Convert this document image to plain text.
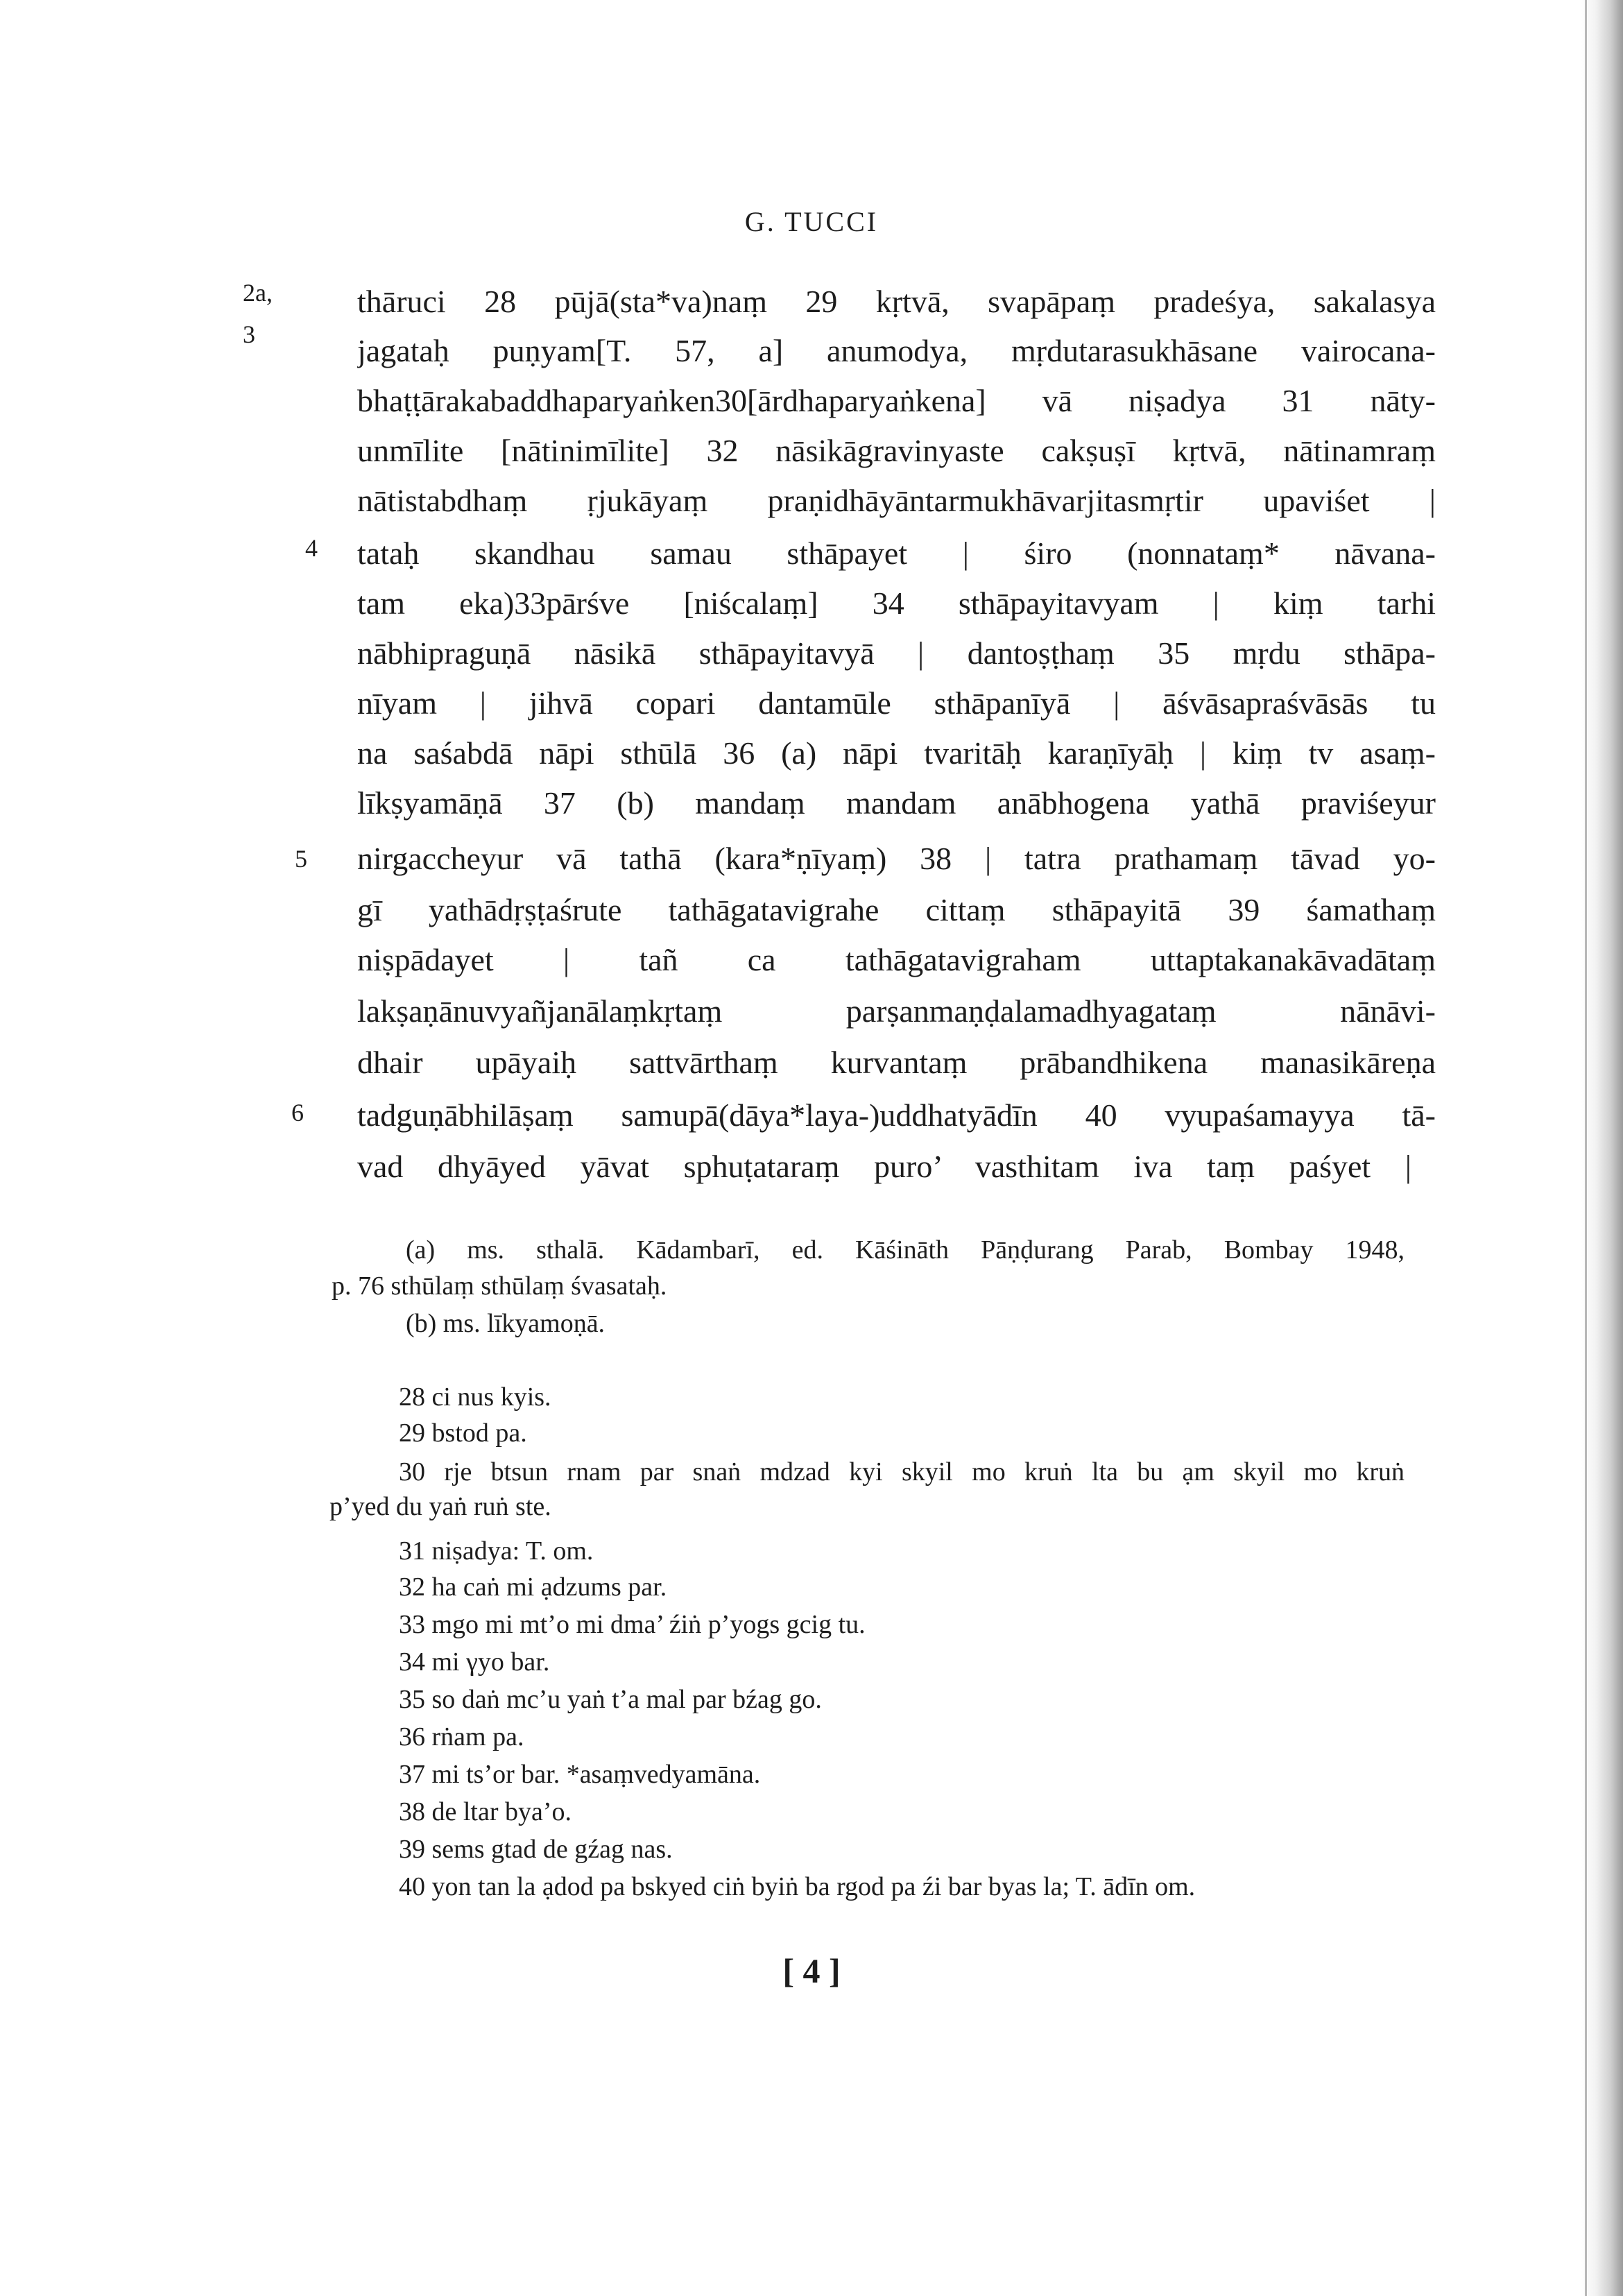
G. TUCCI
2a, 3
4
5
6
thāruci 28 pūjā(sta*va)naṃ 29 kṛtvā, svapāpaṃ pradeśya, sakalasya
jagataḥ puṇyam[T. 57, a] anumodya, mṛdutarasukhāsane vairocana-
bhaṭṭārakabaddhaparyaṅken30[ārdhaparyaṅkena] vā niṣadya 31 nāty-
unmīlite [nātinimīlite] 32 nāsikāgravinyaste cakṣuṣī kṛtvā, nātinamraṃ
nātistabdhaṃ ṛjukāyaṃ praṇidhāyāntarmukhāvarjitasmṛtir upaviśet |
tataḥ skandhau samau sthāpayet | śiro (nonnataṃ* nāvana-
tam eka)33pārśve [niścalaṃ] 34 sthāpayitavyam | kiṃ tarhi
nābhipraguṇā nāsikā sthāpayitavyā | dantoṣṭhaṃ 35 mṛdu sthāpa-
nīyam | jihvā copari dantamūle sthāpanīyā | āśvāsapraśvāsās tu
na saśabdā nāpi sthūlā 36 (a) nāpi tvaritāḥ karaṇīyāḥ | kiṃ tv asaṃ-
līkṣyamāṇā 37 (b) mandaṃ mandam anābhogena yathā praviśeyur
nirgaccheyur vā tathā (kara*ṇīyaṃ) 38 | tatra prathamaṃ tāvad yo-
gī yathādṛṣṭaśrute tathāgatavigrahe cittaṃ sthāpayitā 39 śamathaṃ
niṣpādayet | tañ ca tathāgatavigraham uttaptakanakāvadātaṃ
lakṣaṇānuvyañjanālaṃkṛtaṃ parṣanmaṇḍalamadhyagataṃ nānāvi-
dhair upāyaiḥ sattvārthaṃ kurvantaṃ prābandhikena manasikāreṇa
tadguṇābhilāṣaṃ samupā(dāya*laya-)uddhatyādīn 40 vyupaśamayya tā-
vad dhyāyed yāvat sphuṭataraṃ puro’ vasthitam iva taṃ paśyet |
(a) ms. sthalā. Kādambarī, ed. Kāśināth Pāṇḍurang Parab, Bombay 1948,
p. 76 sthūlaṃ sthūlaṃ śvasataḥ.
(b) ms. līkyamoṇā.
28 ci nus kyis.
29 bstod pa.
30 rje btsun rnam par snaṅ mdzad kyi skyil mo kruṅ lta bu ạm skyil mo kruṅ
p’yed du yaṅ ruṅ ste.
31 niṣadya: T. om.
32 ha caṅ mi ạdzums par.
33 mgo mi mt’o mi dma’ źiṅ p’yogs gcig tu.
34 mi γyo bar.
35 so daṅ mc’u yaṅ t’a mal par bźag go.
36 rṅam pa.
37 mi ts’or bar. *asaṃvedyamāna.
38 de ltar bya’o.
39 sems gtad de gźag nas.
40 yon tan la ạdod pa bskyed ciṅ byiṅ ba rgod pa źi bar byas la; T. ādīn om.
[ 4 ]
